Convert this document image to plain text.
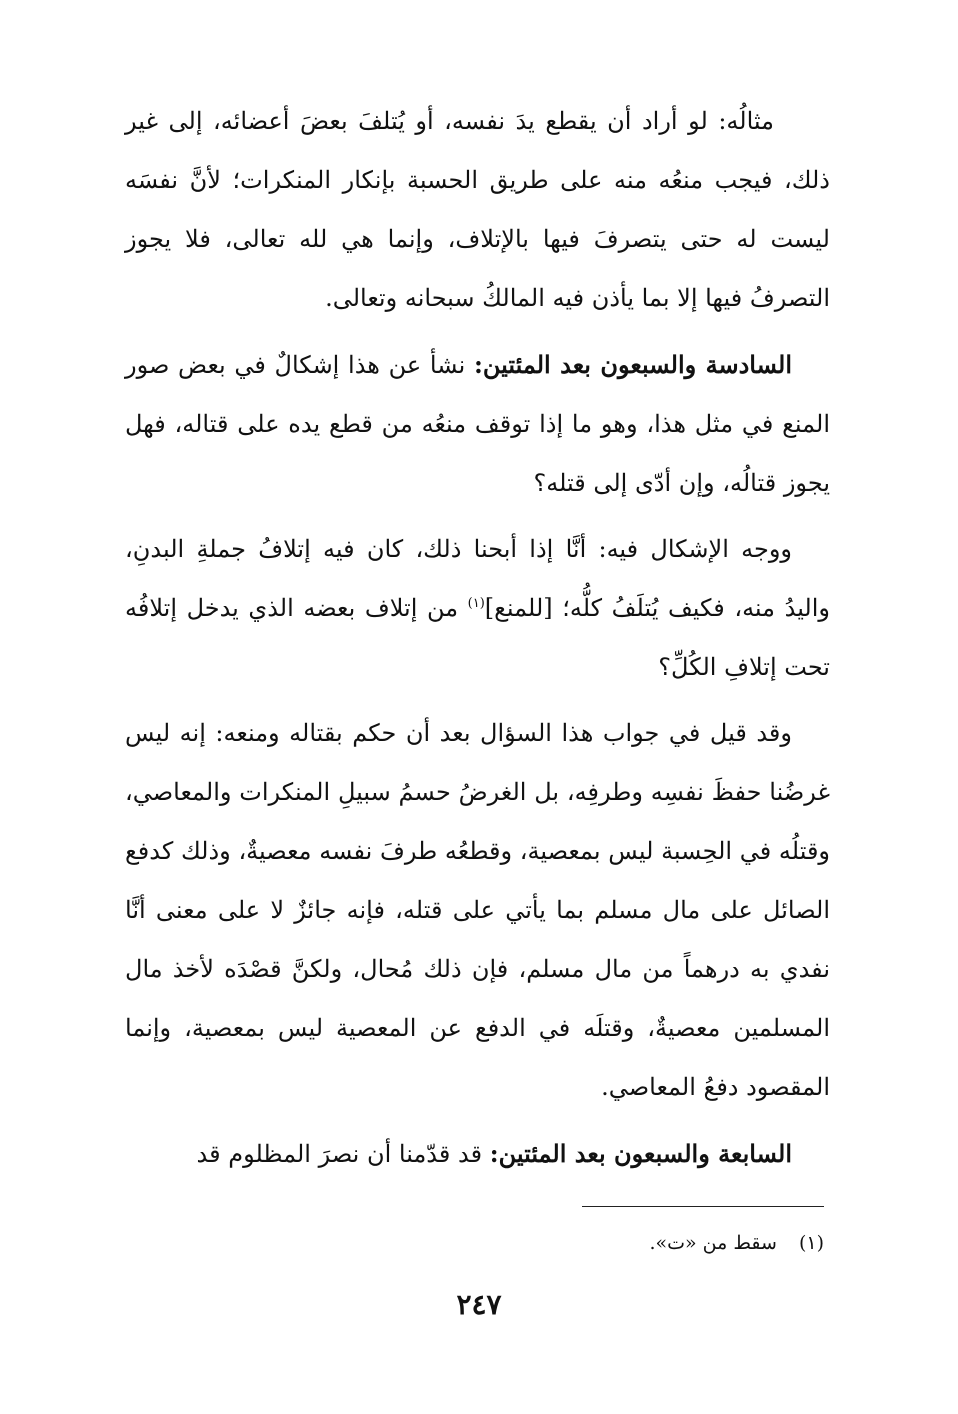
مثالُه: لو أراد أن يقطع يدَ نفسه، أو يُتلفَ بعضَ أعضائه، إلى غير ذلك، فيجب منعُه منه على طريق الحسبة بإنكار المنكرات؛ لأنَّ نفسَه ليست له حتى يتصرفَ فيها بالإتلاف، وإنما هي لله تعالى، فلا يجوز التصرفُ فيها إلا بما يأذن فيه المالكُ سبحانه وتعالى.

السادسة والسبعون بعد المئتين: نشأ عن هذا إشكالٌ في بعض صور المنع في مثل هذا، وهو ما إذا توقف منعُه من قطع يده على قتاله، فهل يجوز قتالُه، وإن أدّى إلى قتله؟

ووجه الإشكال فيه: أنَّا إذا أبحنا ذلك، كان فيه إتلافُ جملةِ البدنِ، واليدُ منه، فكيف يُتلَفُ كلُّه؛ [للمنع]$^{(١)}$ من إتلاف بعضه الذي يدخل إتلافُه تحت إتلافِ الكُلِّ؟

وقد قيل في جواب هذا السؤال بعد أن حكم بقتاله ومنعه: إنه ليس غرضُنا حفظَ نفسِه وطرفِه، بل الغرضُ حسمُ سبيلِ المنكرات والمعاصي، وقتلُه في الحِسبة ليس بمعصية، وقطعُه طرفَ نفسه معصيةٌ، وذلك كدفع الصائل على مال مسلم بما يأتي على قتله، فإنه جائزٌ لا على معنى أنَّا نفدي به درهماً من مال مسلم، فإن ذلك مُحال، ولكنَّ قصْدَه لأخذ مال المسلمين معصيةٌ، وقتلَه في الدفع عن المعصية ليس بمعصية، وإنما المقصود دفعُ المعاصي.

السابعة والسبعون بعد المئتين: قد قدّمنا أن نصرَ المظلوم قد

(١)سقط من «ت».
٢٤٧
